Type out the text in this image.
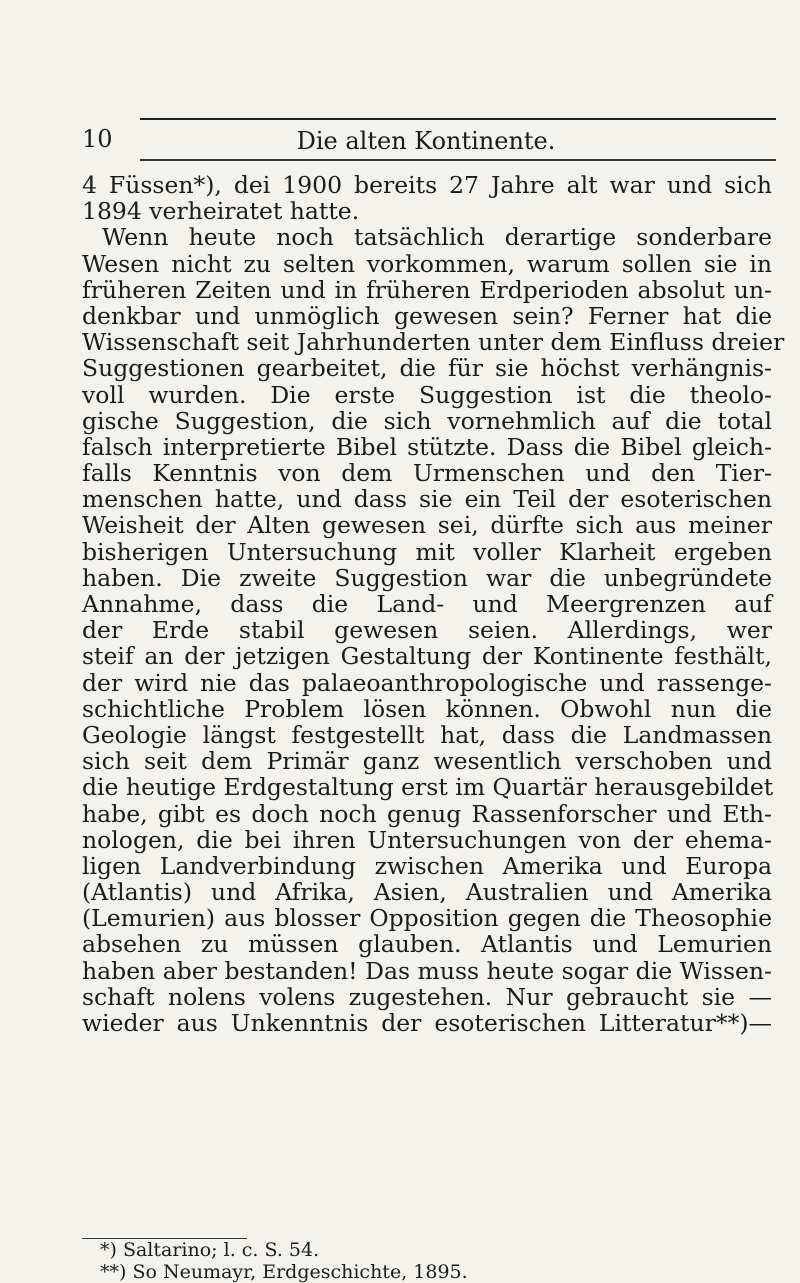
10	Die alten Kontinente.
4 Füssen*), dei 1900 bereits 27 Jahre alt war und sich
1894 verheiratet hatte.
Wenn heute noch tatsächlich derartige sonderbare
Wesen nicht zu selten vorkommen, warum sollen sie in
früheren Zeiten und in früheren Erdperioden absolut un-
denkbar und unmöglich gewesen sein? Ferner hat die
Wissenschaft seit Jahrhunderten unter dem Einfluss dreier
Suggestionen gearbeitet, die für sie höchst verhängnis-
voll wurden. Die erste Suggestion ist die theolo-
gische Suggestion, die sich vornehmlich auf die total
falsch interpretierte Bibel stützte. Dass die Bibel gleich-
falls Kenntnis von dem Urmenschen und den Tier-
menschen hatte, und dass sie ein Teil der esoterischen
Weisheit der Alten gewesen sei, dürfte sich aus meiner
bisherigen Untersuchung mit voller Klarheit ergeben
haben. Die zweite Suggestion war die unbegründete
Annahme, dass die Land- und Meergrenzen auf
der Erde stabil gewesen seien. Allerdings, wer
steif an der jetzigen Gestaltung der Kontinente festhält,
der wird nie das palaeoanthropologische und rassenge-
schichtliche Problem lösen können. Obwohl nun die
Geologie längst festgestellt hat, dass die Landmassen
sich seit dem Primär ganz wesentlich verschoben und
die heutige Erdgestaltung erst im Quartär herausgebildet
habe, gibt es doch noch genug Rassenforscher und Eth-
nologen, die bei ihren Untersuchungen von der ehema-
ligen Landverbindung zwischen Amerika und Europa
(Atlantis) und Afrika, Asien, Australien und Amerika
(Lemurien) aus blosser Opposition gegen die Theosophie
absehen zu müssen glauben. Atlantis und Lemurien
haben aber bestanden! Das muss heute sogar die Wissen-
schaft nolens volens zugestehen. Nur gebraucht sie —
wieder aus Unkenntnis der esoterischen Litteratur**)—
*) Saltarino; l. c. S. 54.
**) So Neumayr, Erdgeschichte, 1895.
